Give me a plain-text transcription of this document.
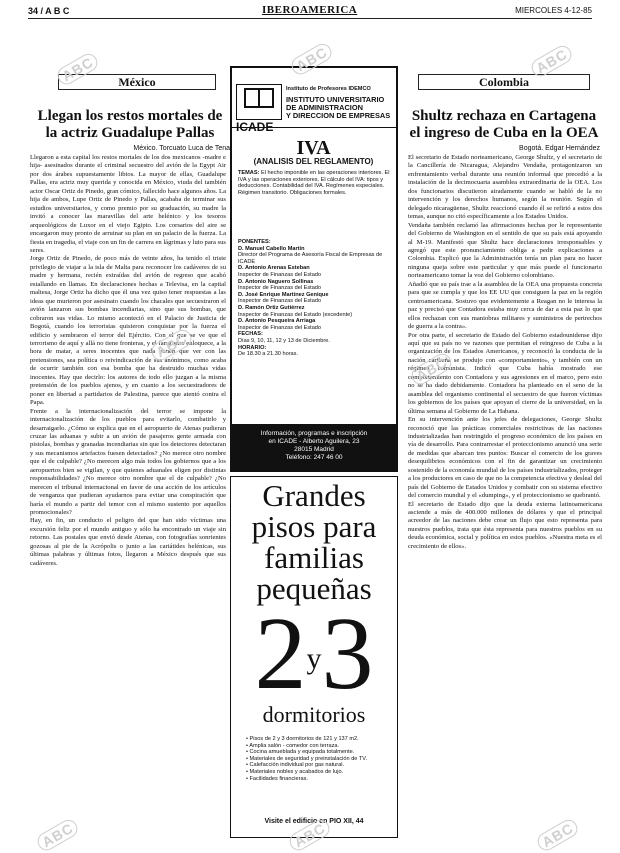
34 / A B C	IBEROAMERICA	MIERCOLES 4-12-85
México
Llegan los restos mortales de la actriz Guadalupe Pallas
México. Torcuato Luca de Tena
Llegaron a esta capital los restos mortales de los dos mexicanos -madre e hija- asesinados durante el criminal secuestro del avión de la Egypt Air por dos árabes supuestamente libios. La mayor de ellas, Guadalupe Pallas, era actriz muy querida y conocida en México, viuda del también actor Oscar Ortiz de Pinedo, gran cómico, fallecido hace algunos años. La hija de ambos, Lupe Ortiz de Pinedo y Pallas, acababa de terminar sus estudios universitarios, y como premio por su graduación, su madre la invitó a conocer las maravillas del arte helénico y los tesoros arqueológicos de Luxor en el viejo Egipto. Los corsarios del aire se encargaron muy pronto de arruinar su plan en un palacio de la fuerza. La fiesta en tragedia, el viaje con un fin de carrera en lágrimas y luto para sus seres.
Jorge Ortiz de Pinedo, de poco más de veinte años, ha tenido el triste privilegio de viajar a la isla de Malta para reconocer los cadáveres de su madre y hermana, recién extraídas del avión de regreso que acabó estallando en llamas. En declaraciones hechas a Televisa, en la capital maltesa, Jorge Ortiz ha dicho que él una vez quiso tener respuestas a las ideas que murieron por asesinato cuando los chacales que secuestraron el avión lanzaron sus bombas incendiarias, sino que sus bombas, que cobraron sus vidas. Lo mismo aconteció en el Palacio de Justicia de Bogotá, cuando los terroristas quisieron conquistar por la fuerza el edificio y sembraron el terror del Ejército. Con el que se ve que el terrorismo de aquí y allá no tiene fronteras, y el fanatismo enloquece, a la hora de matar, a seres inocentes que nada tienen que ver con las pretensiones, sea política o reivindicación de sus anónimos, como acaba de ocurrir también con esa bomba que ha destruido muchas vidas inocentes. Hay que decirlo: los autores de todo ello juzgan a la misma pretensión de los pueblos ajenos, y en cuanto a los secuestradores de poner en libertad a partidarios de Palestina, parece que atentó contra el Papa.
Frente a la internacionalización del terror se impone la internacionalización de los pueblos para evitarlo, combatirlo y desarraigarlo. ¿Cómo se explica que en el aeropuerto de Atenas pudieran cruzar las aduanas y subir a un avión de pasajeros gente armada con pistolas, bombas y granadas incendiarias sin que los detectores detectaran y sus mecanismos artefactos fuesen detectados? ¿No merece otro nombre que el de culpable? ¿No merecen algo más todos los gobiernos que a los aeropuertos bien se vigilan, y que quienes aduanales eligen por distintas responsabilidades? ¿No merece otro nombre que el de culpable? ¿No merecen el tribunal internacional en favor de una acción de los artículos de venganza que pudieran ayudarnos para evitar una conspiración que haría el mundo a partir del temor con el mismo sustento por aquellos promocionales?
Hay, en fin, un conducto el peligro del que han sido víctimas una excursión feliz por el mundo antiguo y sólo ha encontrado un viaje sin retorno. Las postales que envió desde Atenas, con fotografías sonrientes gozosas al pie de la Acrópolis o junto a las cariátides helénicas, sus últimas palabras y últimas fotos, llegaron a México después que sus cadáveres.
Instituto de Profesores IDEMCO
INSTITUTO UNIVERSITARIO
DE ADMINISTRACION
Y DIRECCION DE EMPRESAS
ICADE
IVA
(ANALISIS DEL REGLAMENTO)
TEMAS: El hecho imponible en las operaciones interiores. El IVA y las operaciones exteriores. El cálculo del IVA: tipos y deducciones. Contabilidad del IVA. Regímenes especiales. Régimen transitorio. Obligaciones formales.
PONENTES:
D. Manuel Cabello Martín
Director del Programa de Asesoría Fiscal de Empresas de ICADE
D. Antonio Arenas Esteban
Inspector de Finanzas del Estado
D. Antonio Naguero Sollinas
Inspector de Finanzas del Estado
D. José Enrique Martínez Genique
Inspector de Finanzas del Estado
D. Ramón Ortiz Gutiérrez
Inspector de Finanzas del Estado (excedente)
D. Antonio Pesqueira Arriaga
Inspector de Finanzas del Estado
FECHAS:
Días 9, 10, 11, 12 y 13 de Diciembre.
HORARIO:
De 18.30 a 21.30 horas.
Información, programas e inscripción
en ICADE - Alberto Aguilera, 23
28015 Madrid
Teléfono: 247 46 00
Grandes
pisos para
familias
pequeñas
2y3
dormitorios
• Pisos de 2 y 3 dormitorios de 121 y 137 m2.
• Amplia salón - comedor con terraza.
• Cocina amueblada y equipada totalmente.
• Materiales de seguridad y preinstalación de TV.
• Calefacción individual por gas natural.
• Materiales nobles y acabados de lujo.
• Facilidades financieras.
Visite el edificio en PIO XII, 44
Colombia
Shultz rechaza en Cartagena el ingreso de Cuba en la OEA
Bogotá. Edgar Hernández
El secretario de Estado norteamericano, George Shultz, y el secretario de la Cancillería de Nicaragua, Alejandro Vendaña, protagonizaron un enfrentamiento verbal durante una reunión informal que precedió a la instalación de la decimocuarta asamblea extraordinaria de la OEA. Los dos funcionarios discutieron airadamente cuando se habló de la no intervención y los derechos humanos, según la reunión. Según el delegado nicaragüense, Shultz reaccionó cuando él se refirió a estos dos temas, aunque no citó específicamente a los Estados Unidos.
Vendaña también reclamó las afirmaciones hechas por le representante del Gobierno de Washington en el sentido de que su país está apoyando al M-19. Manifestó que Shultz hace declaraciones irresponsables y agregó que este pronunciamiento obliga a pedir explicaciones a Colombia. Explicó que la Administración tenía un plan para no hacer ninguna queja sobre este particular y que más puede el funcionario norteamericano tomar la voz del Gobierno colombiano.
Añadió que su país trae a la asamblea de la OEA una propuesta concreta para que se cumpla y que los EE UU que consiguen la paz en la región centroamericana. Sostuvo que evidentemente a Reagan no le interesa la paz y precisó que Contadora estaba muy cerca de dar a esta paz lo que ellos rechazan con sus maniobras militares y suministros de pertrechos de guerra a la contra».
Por otra parte, el secretario de Estado del Gobierno estadounidense dijo aquí que su país no ve razones que permitan el reingreso de Cuba a la organización de los Estados Americanos, y reconoció la conducta de la nación caribeña se produjo con «comportamiento», y también con un régimen comunista. Indicó que Cuba había mostrado ese comportamiento con Contadora y sus agresiones en el marco, pero esto no se ha dado debidamente. Contadora ha planteado en el seno de la asamblea del organismo continental el secuestro de que fueron víctimas los gobiernos de los países que apoyan el cierre de la universidad, en la última semana al Gobierno de La Habana.
En su intervención ante los jefes de delegaciones, George Shultz reconoció que las prácticas comerciales restrictivas de las naciones industrializadas han restringido el progreso económico de los países en vía de desarrollo. Para contrarrestar el proteccionismo anunció una serie de medidas que abarcan tres puntos: Buscar el comercio de los graves desequilibrios económicos con el fin de garantizar un crecimiento sostenido de la economía mundial de los países industrializados, proteger a los productores en caso de que no la competencia efectiva y desleal del país del Gobierno de Estados Unidos y combatir con su sistema efectivo del comercio mundial y el «dumping», y el proteccionismo se quebrantó.
El secretario de Estado dijo que la deuda externa latinoamericana asciende a más de 400.000 millones de dólares y que el principal acreedor de las naciones debe crear un flujo que esto representa para nuestros pueblos, trata que ésta representa para nuestros pueblos en su deuda económica, social y política en estos pueblos. «Nuestra meta es el crecimiento de ellos».
ABC	ABC	ABC
ABC
ABC
ABC	ABC	ABC
